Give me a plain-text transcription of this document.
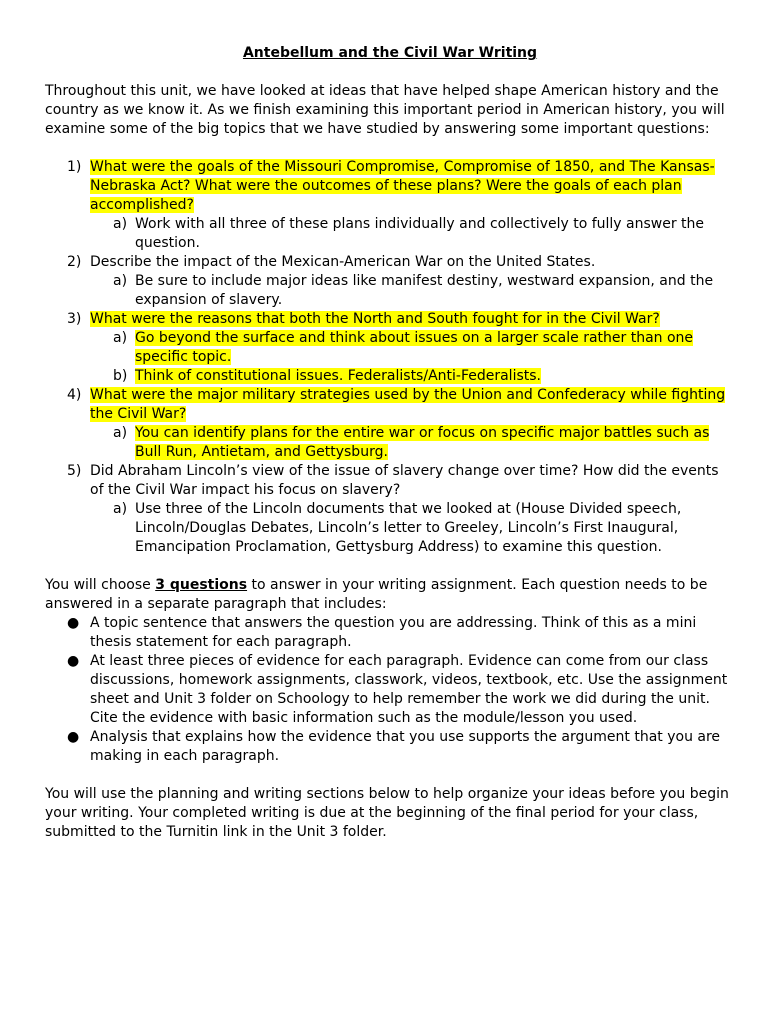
Antebellum and the Civil War Writing

Throughout this unit, we have looked at ideas that have helped shape American history and the country as we know it. As we finish examining this important period in American history, you will examine some of the big topics that we have studied by answering some important questions:

1) What were the goals of the Missouri Compromise, Compromise of 1850, and The Kansas-Nebraska Act? What were the outcomes of these plans? Were the goals of each plan accomplished?
a) Work with all three of these plans individually and collectively to fully answer the question.
2) Describe the impact of the Mexican-American War on the United States.
a) Be sure to include major ideas like manifest destiny, westward expansion, and the expansion of slavery.
3) What were the reasons that both the North and South fought for in the Civil War?
a) Go beyond the surface and think about issues on a larger scale rather than one specific topic.
b) Think of constitutional issues. Federalists/Anti-Federalists.
4) What were the major military strategies used by the Union and Confederacy while fighting the Civil War?
a) You can identify plans for the entire war or focus on specific major battles such as Bull Run, Antietam, and Gettysburg.
5) Did Abraham Lincoln’s view of the issue of slavery change over time? How did the events of the Civil War impact his focus on slavery?
a) Use three of the Lincoln documents that we looked at (House Divided speech, Lincoln/Douglas Debates, Lincoln’s letter to Greeley, Lincoln’s First Inaugural, Emancipation Proclamation, Gettysburg Address) to examine this question.

You will choose 3 questions to answer in your writing assignment. Each question needs to be answered in a separate paragraph that includes:

● A topic sentence that answers the question you are addressing. Think of this as a mini thesis statement for each paragraph.
● At least three pieces of evidence for each paragraph. Evidence can come from our class discussions, homework assignments, classwork, videos, textbook, etc. Use the assignment sheet and Unit 3 folder on Schoology to help remember the work we did during the unit. Cite the evidence with basic information such as the module/lesson you used.
● Analysis that explains how the evidence that you use supports the argument that you are making in each paragraph.

You will use the planning and writing sections below to help organize your ideas before you begin your writing. Your completed writing is due at the beginning of the final period for your class, submitted to the Turnitin link in the Unit 3 folder.
